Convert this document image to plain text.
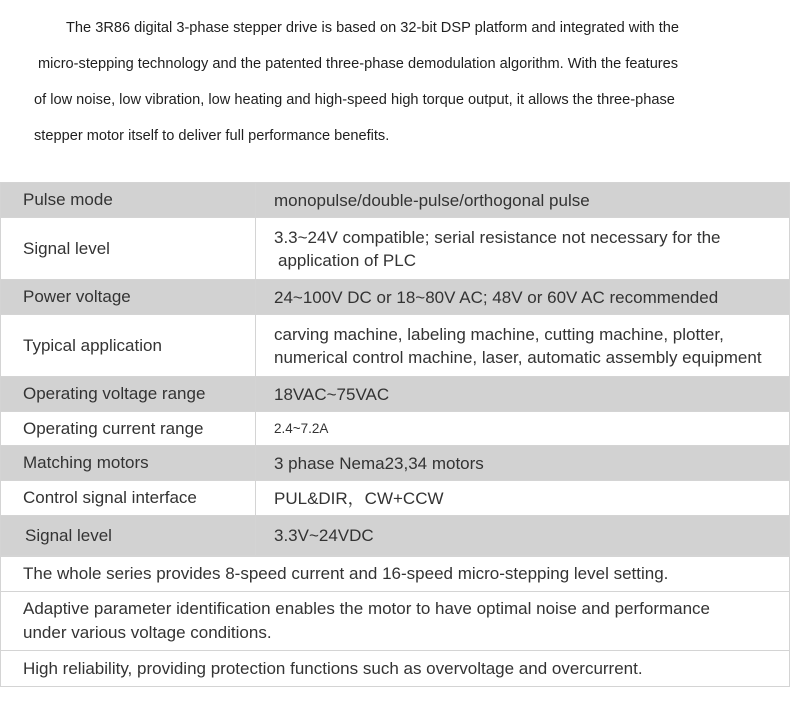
The 3R86 digital 3-phase stepper drive is based on 32-bit DSP platform and integrated with the
micro-stepping technology and the patented three-phase demodulation algorithm. With the features
of low noise, low vibration, low heating and high-speed high torque output, it allows the three-phase
stepper motor itself to deliver full performance benefits.
Pulse mode	monopulse/double-pulse/orthogonal pulse
Signal level	3.3~24V compatible; serial resistance not necessary for the
application of PLC

Power voltage	24~100V DC or 18~80V AC; 48V or 60V AC recommended
Typical application	carving machine, labeling machine, cutting machine, plotter,
numerical control machine, laser, automatic assembly equipment

Operating voltage range	18VAC~75VAC
Operating current range	2.4~7.2A
Matching motors	3 phase Nema23,34 motors
Control signal interface	PUL&DIR，CW+CCW
Signal level	3.3V~24VDC
The whole series provides 8-speed current and 16-speed micro-stepping level setting.

Adaptive parameter identification enables the motor to have optimal noise and performance
under various voltage conditions.

High reliability, providing protection functions such as overvoltage and overcurrent.
